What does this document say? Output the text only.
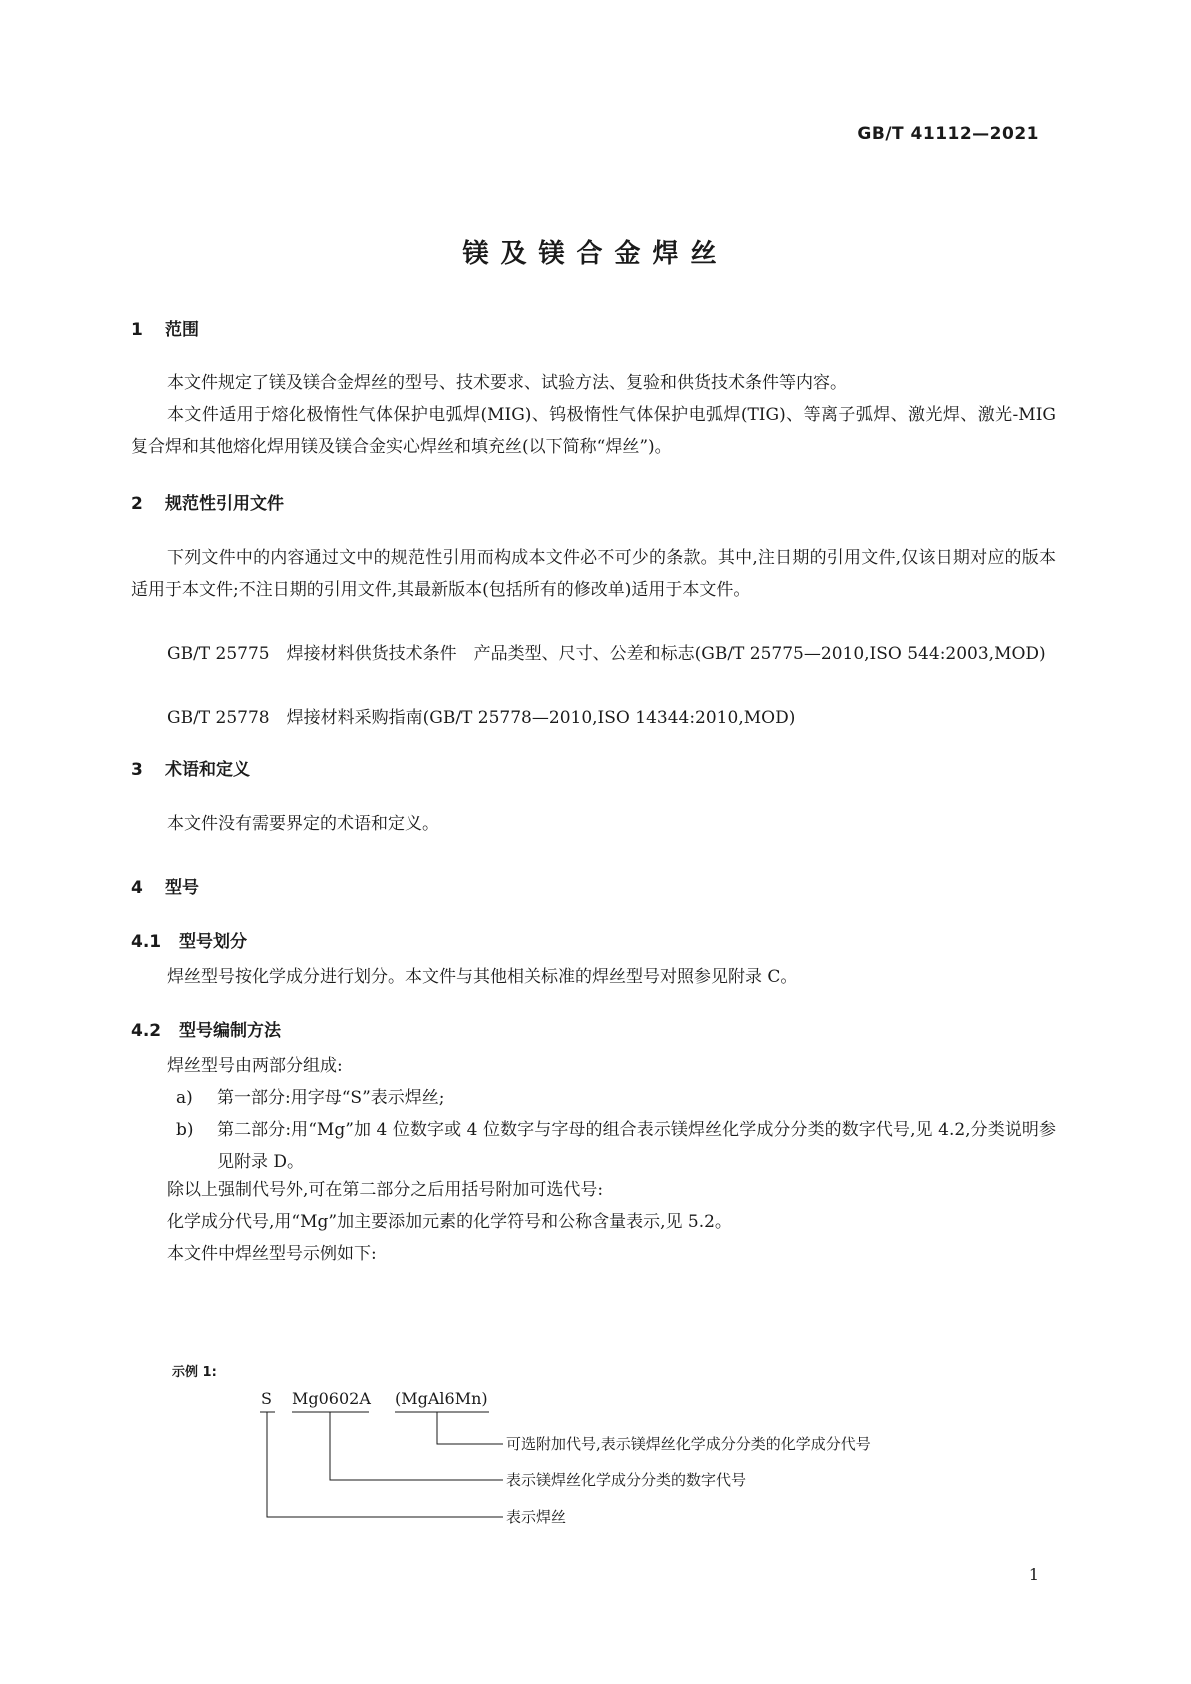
GB/T 41112—2021
镁及镁合金焊丝
1 范围
本文件规定了镁及镁合金焊丝的型号、技术要求、试验方法、复验和供货技术条件等内容。
本文件适用于熔化极惰性气体保护电弧焊(MIG)、钨极惰性气体保护电弧焊(TIG)、等离子弧焊、激光焊、激光-MIG 复合焊和其他熔化焊用镁及镁合金实心焊丝和填充丝(以下简称“焊丝”)。
2 规范性引用文件
下列文件中的内容通过文中的规范性引用而构成本文件必不可少的条款。其中,注日期的引用文件,仅该日期对应的版本适用于本文件;不注日期的引用文件,其最新版本(包括所有的修改单)适用于本文件。
GB/T 25775　焊接材料供货技术条件　产品类型、尺寸、公差和标志(GB/T 25775—2010,ISO 544:2003,MOD)
GB/T 25778　焊接材料采购指南(GB/T 25778—2010,ISO 14344:2010,MOD)
3 术语和定义
本文件没有需要界定的术语和定义。
4 型号
4.1 型号划分
焊丝型号按化学成分进行划分。本文件与其他相关标准的焊丝型号对照参见附录 C。
4.2 型号编制方法
焊丝型号由两部分组成:
a) 第一部分:用字母“S”表示焊丝;
b) 第二部分:用“Mg”加 4 位数字或 4 位数字与字母的组合表示镁焊丝化学成分分类的数字代号,见 4.2,分类说明参见附录 D。
除以上强制代号外,可在第二部分之后用括号附加可选代号:
化学成分代号,用“Mg”加主要添加元素的化学符号和公称含量表示,见 5.2。
本文件中焊丝型号示例如下:
示例 1:
S Mg0602A (MgAl6Mn)
可选附加代号,表示镁焊丝化学成分分类的化学成分代号
表示镁焊丝化学成分分类的数字代号
表示焊丝
1
